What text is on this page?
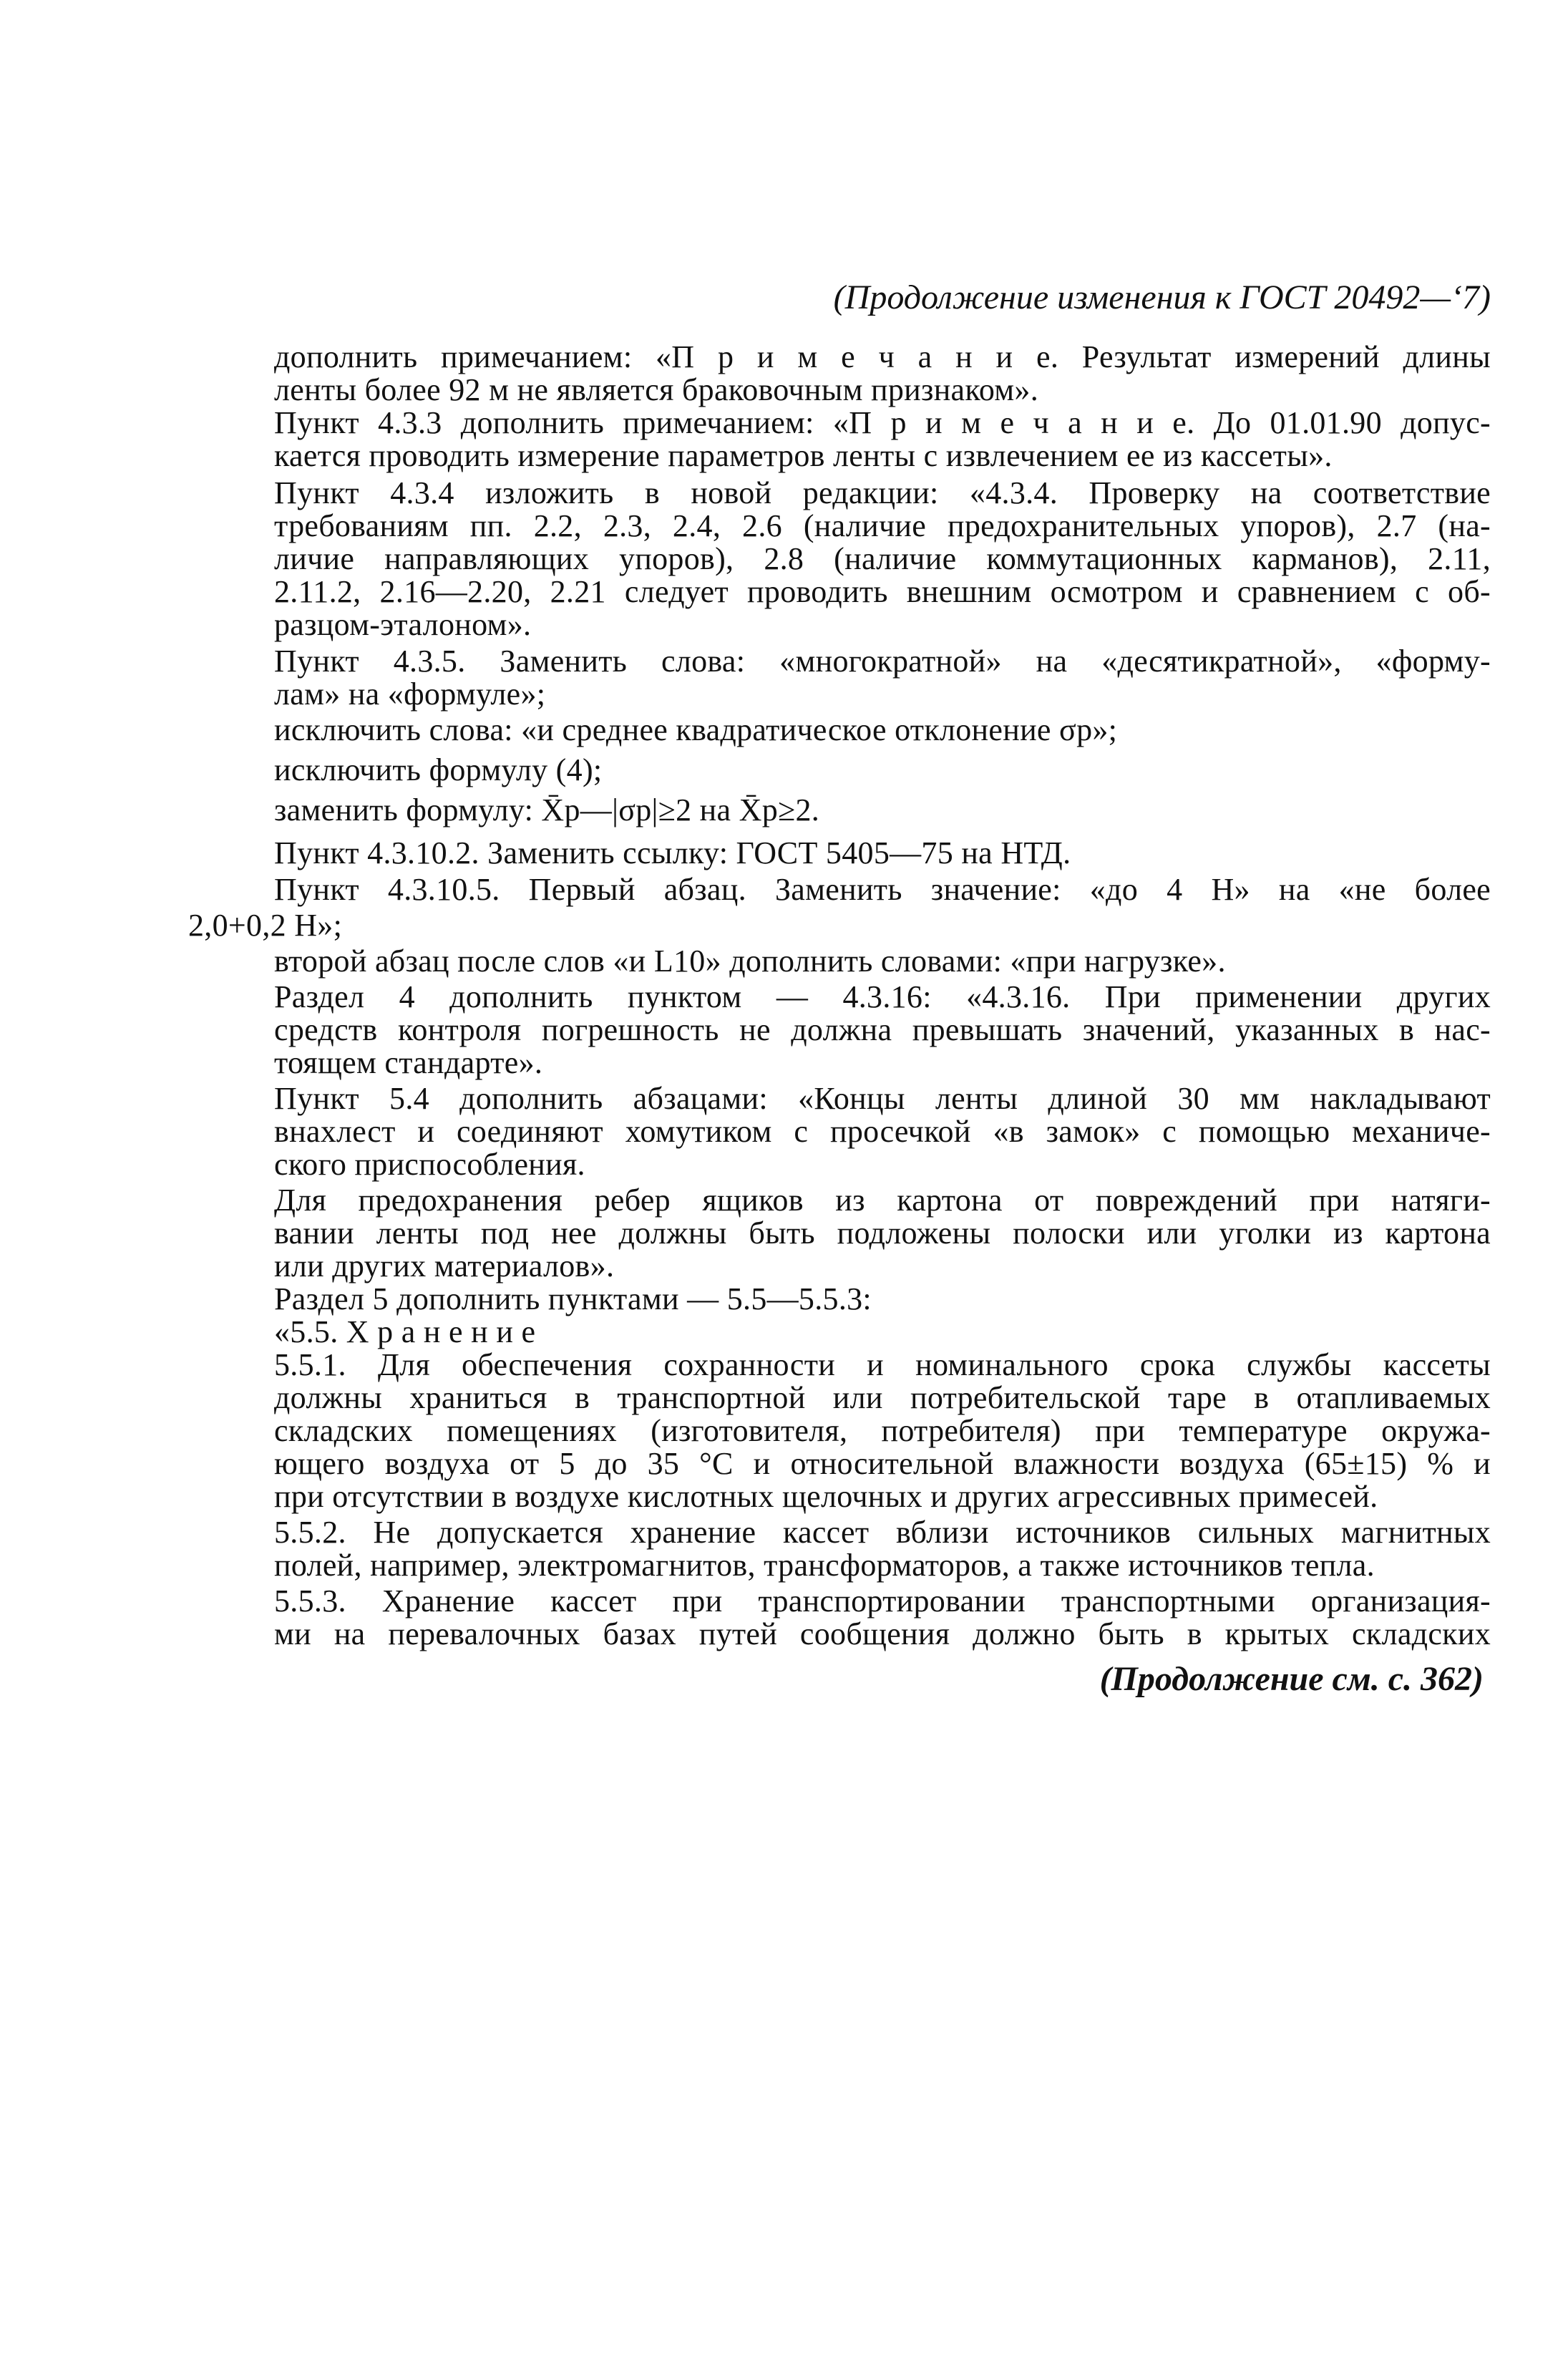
(Продолжение изменения к ГОСТ 20492—‘7)
дополнить примечанием: «П р и м е ч а н и е. Результат измерений длины
ленты более 92 м не является браковочным признаком».
Пункт 4.3.3 дополнить примечанием: «П р и м е ч а н и е. До 01.01.90 допус-
кается проводить измерение параметров ленты с извлечением ее из кассеты».
Пункт 4.3.4 изложить в новой редакции: «4.3.4. Проверку на соответствие
требованиям пп. 2.2, 2.3, 2.4, 2.6 (наличие предохранительных упоров), 2.7 (на-
личие направляющих упоров), 2.8 (наличие коммутационных карманов), 2.11,
2.11.2, 2.16—2.20, 2.21 следует проводить внешним осмотром и сравнением с об-
разцом-эталоном».
Пункт 4.3.5. Заменить слова: «многократной» на «десятикратной», «форму-
лам» на «формуле»;
исключить слова: «и среднее квадратическое отклонение σp»;
исключить формулу (4);
заменить формулу: X̄p—|σp|≥2 на X̄p≥2.
Пункт 4.3.10.2. Заменить ссылку: ГОСТ 5405—75 на НТД.
Пункт 4.3.10.5. Первый абзац. Заменить значение: «до 4 Н» на «не более
2,0+0,2 Н»;
второй абзац после слов «и L10» дополнить словами: «при нагрузке».
Раздел 4 дополнить пунктом — 4.3.16: «4.3.16. При применении других
средств контроля погрешность не должна превышать значений, указанных в нас-
тоящем стандарте».
Пункт 5.4 дополнить абзацами: «Концы ленты длиной 30 мм накладывают
внахлест и соединяют хомутиком с просечкой «в замок» с помощью механиче-
ского приспособления.
Для предохранения ребер ящиков из картона от повреждений при натяги-
вании ленты под нее должны быть подложены полоски или уголки из картона
или других материалов».
Раздел 5 дополнить пунктами — 5.5—5.5.3:
«5.5. Х р а н е н и е
5.5.1. Для обеспечения сохранности и номинального срока службы кассеты
должны храниться в транспортной или потребительской таре в отапливаемых
складских помещениях (изготовителя, потребителя) при температуре окружа-
ющего воздуха от 5 до 35 °С и относительной влажности воздуха (65±15) % и
при отсутствии в воздухе кислотных щелочных и других агрессивных примесей.
5.5.2. Не допускается хранение кассет вблизи источников сильных магнитных
полей, например, электромагнитов, трансформаторов, а также источников тепла.
5.5.3. Хранение кассет при транспортировании транспортными организация-
ми на перевалочных базах путей сообщения должно быть в крытых складских
(Продолжение см. с. 362)
